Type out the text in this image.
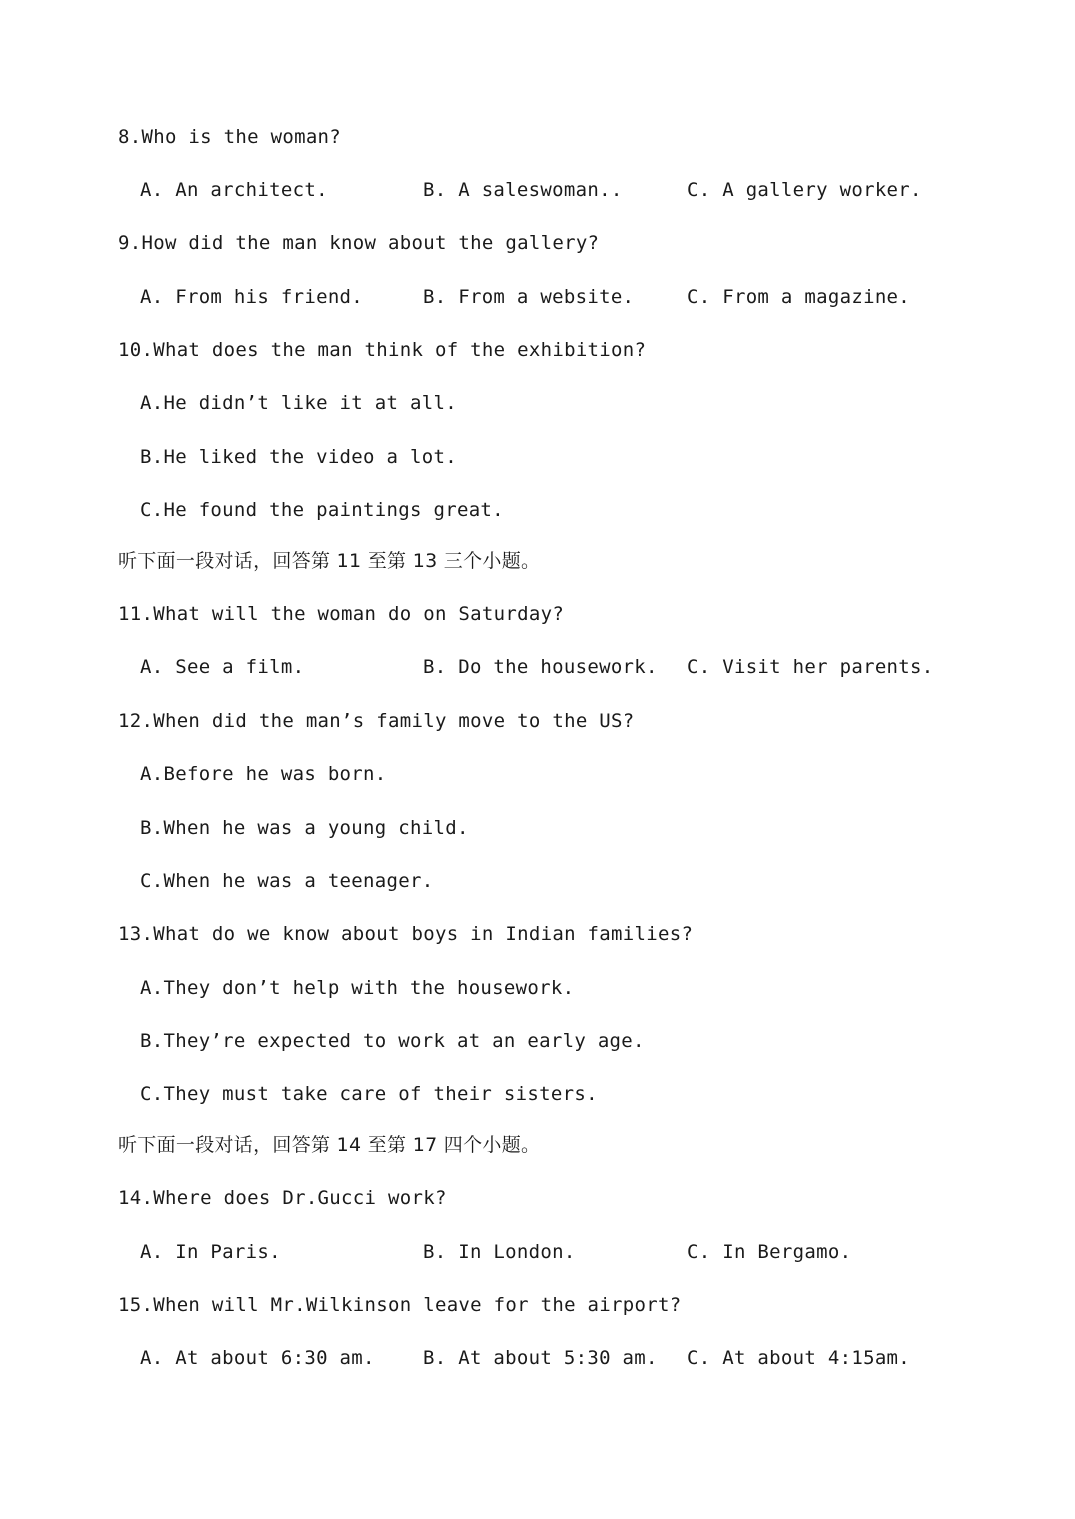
8.Who is the woman?
A. An architect.	B. A saleswoman..	C. A gallery worker.
9.How did the man know about the gallery?
A. From his friend.	B. From a website.	C. From a magazine.
10.What does the man think of the exhibition?
A.He didn’t like it at all.
B.He liked the video a lot.
C.He found the paintings great.
听下面一段对话，回答第 11 至第 13 三个小题。
11.What will the woman do on Saturday?
A. See a film.	B. Do the housework. C. Visit her parents.
12.When did the man’s family move to the US?
A.Before he was born.
B.When he was a young child.
C.When he was a teenager.
13.What do we know about boys in Indian families?
A.They don’t help with the housework.
B.They’re expected to work at an early age.
C.They must take care of their sisters.
听下面一段对话，回答第 14 至第 17 四个小题。
14.Where does Dr.Gucci work?
A. In Paris.	B. In London.	C. In Bergamo.
15.When will Mr.Wilkinson leave for the airport?
A. At about 6:30 am.	B. At about 5:30 am. C. At about 4:15am.
